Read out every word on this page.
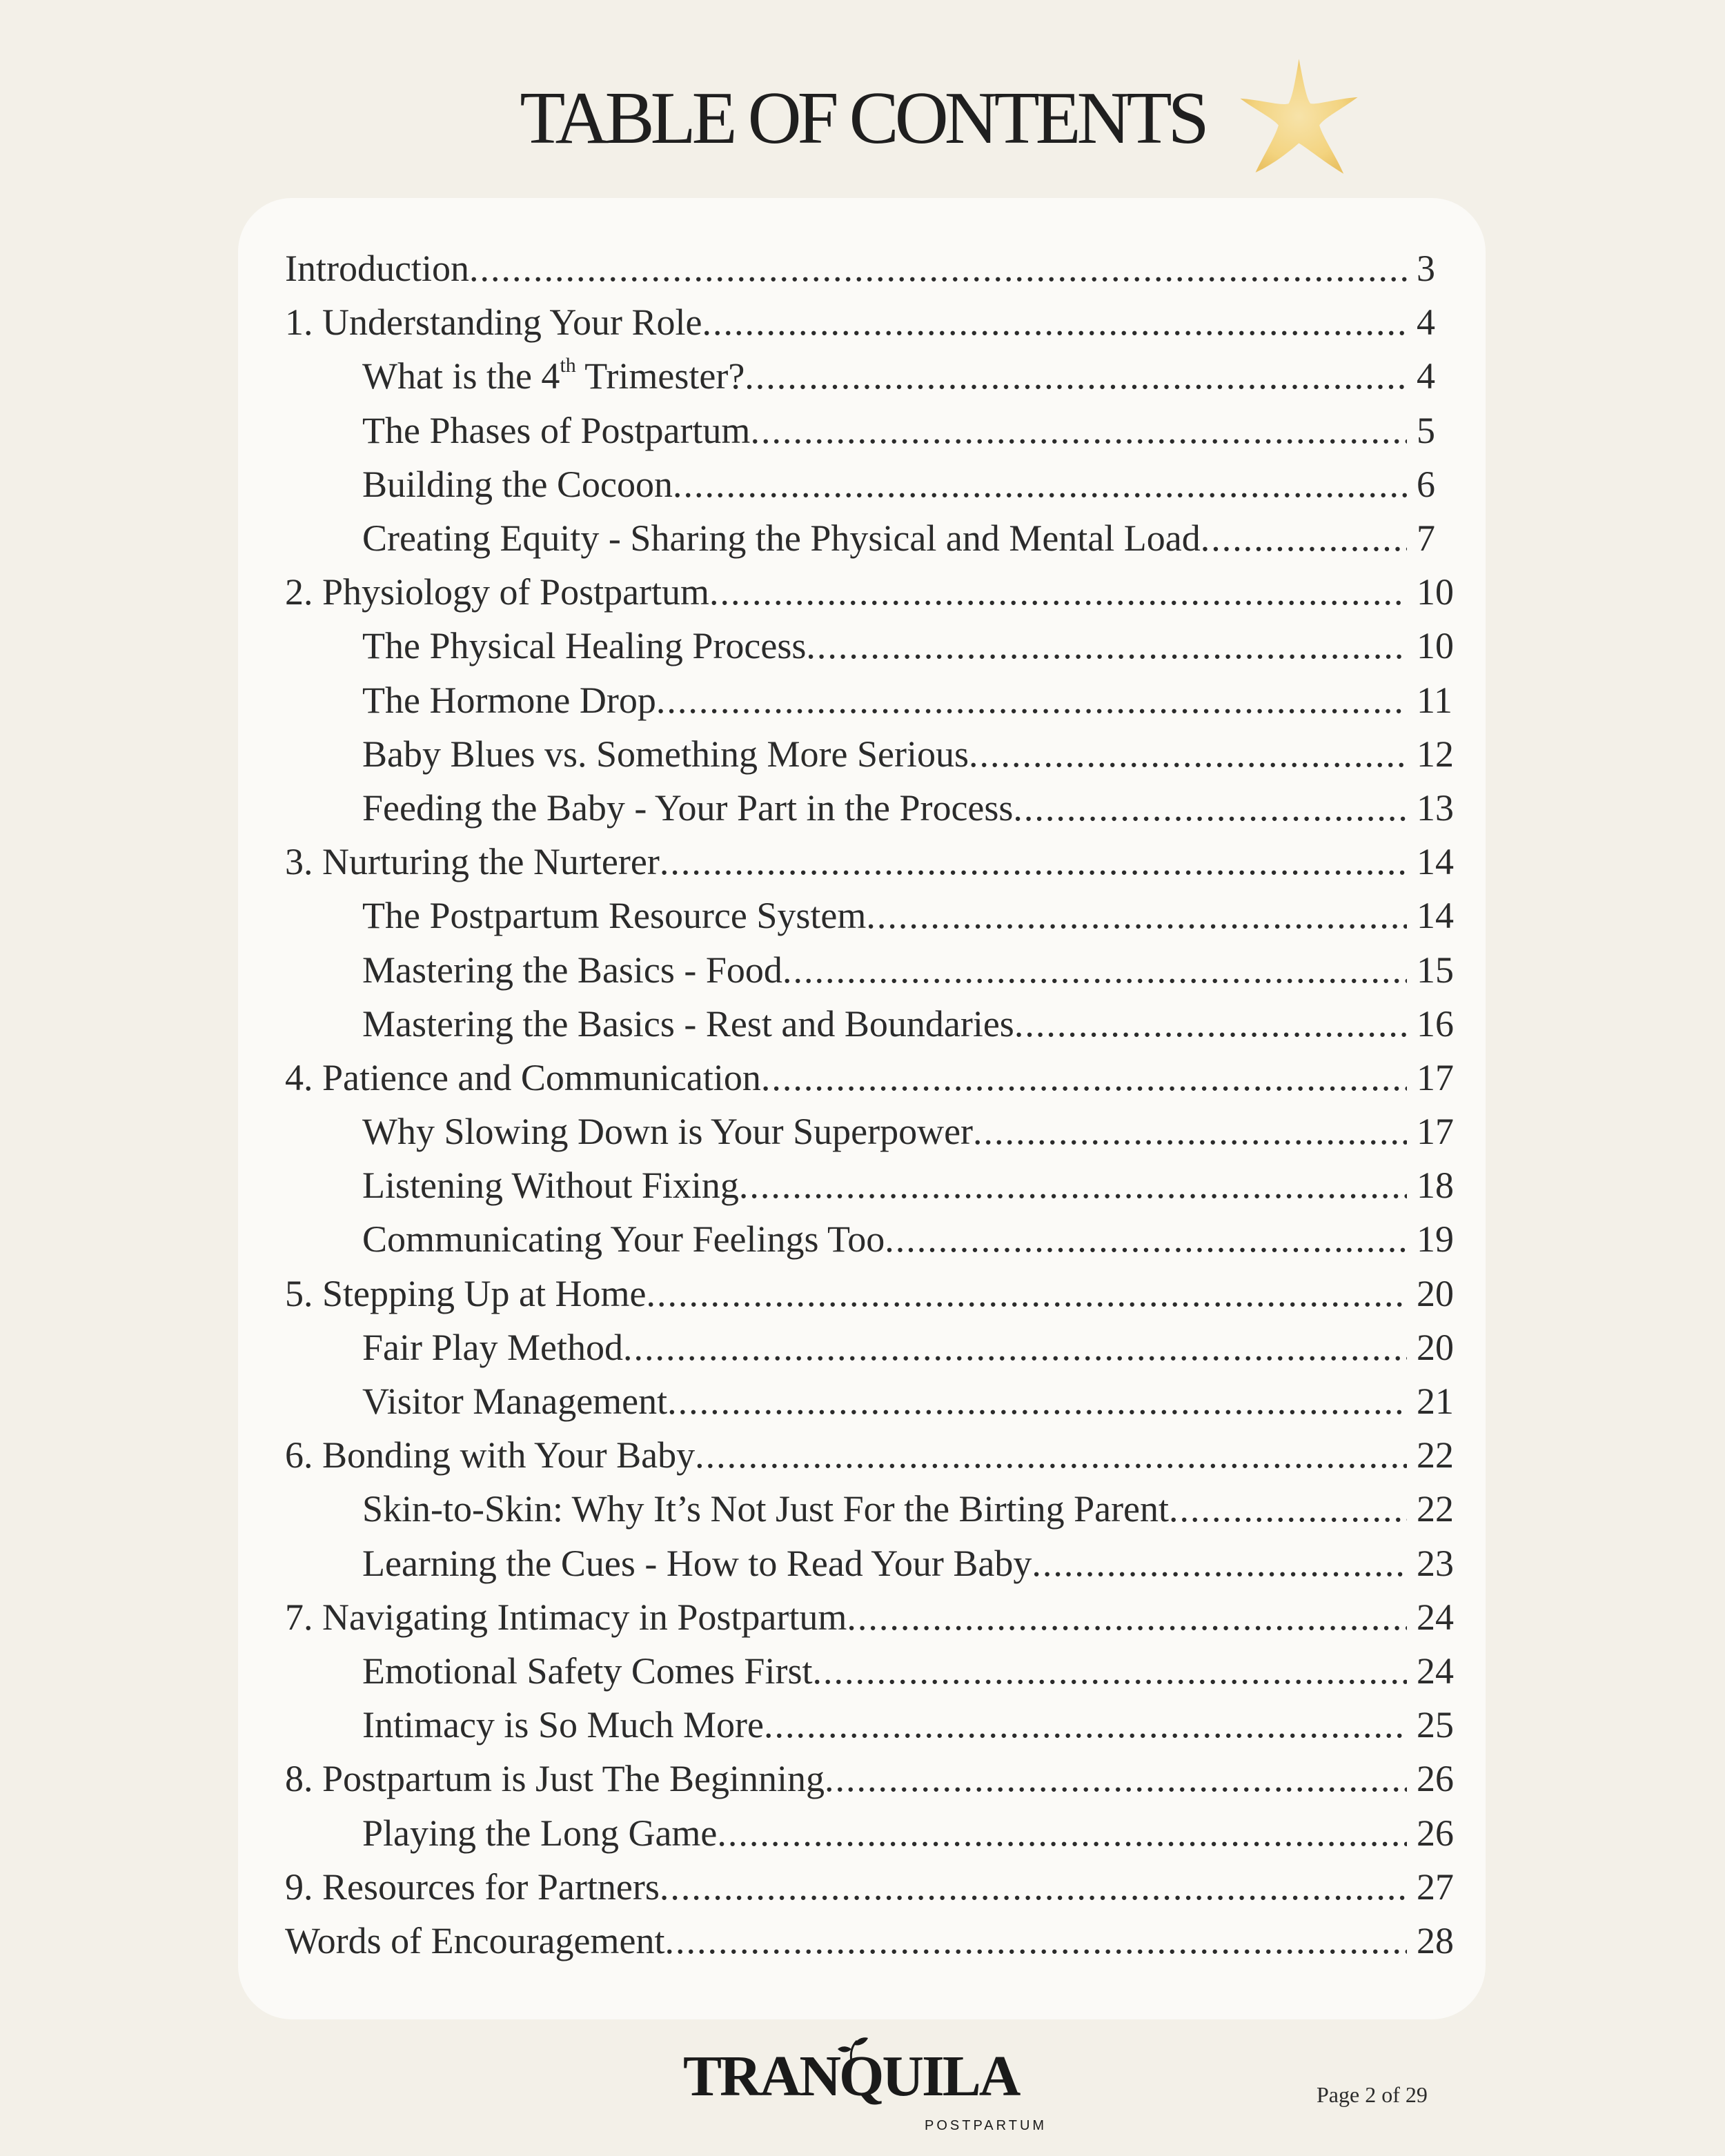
TABLE OF CONTENTS
Introduction .....	3
1. Understanding Your Role .....	4
What is the 4th Trimester? .....	4
The Phases of Postpartum .....	5
Building the Cocoon .....	6
Creating Equity - Sharing the Physical and Mental Load .....	7
2. Physiology of Postpartum .....	10
The Physical Healing Process .....	10
The Hormone Drop .....	11
Baby Blues vs. Something More Serious .....	12
Feeding the Baby - Your Part in the Process .....	13
3. Nurturing the Nurterer .....	14
The Postpartum Resource System .....	14
Mastering the Basics - Food .....	15
Mastering the Basics - Rest and Boundaries .....	16
4. Patience and Communication .....	17
Why Slowing Down is Your Superpower .....	17
Listening Without Fixing .....	18
Communicating Your Feelings Too .....	19
5. Stepping Up at Home .....	20
Fair Play Method .....	20
Visitor Management .....	21
6. Bonding with Your Baby .....	22
Skin-to-Skin: Why It’s Not Just For the Birting Parent .....	22
Learning the Cues - How to Read Your Baby .....	23
7. Navigating Intimacy in Postpartum .....	24
Emotional Safety Comes First .....	24
Intimacy is So Much More .....	25
8. Postpartum is Just The Beginning .....	26
Playing the Long Game .....	26
9. Resources for Partners .....	27
Words of Encouragement .....	28
TRANQUILA
POSTPARTUM
Page 2 of 29
